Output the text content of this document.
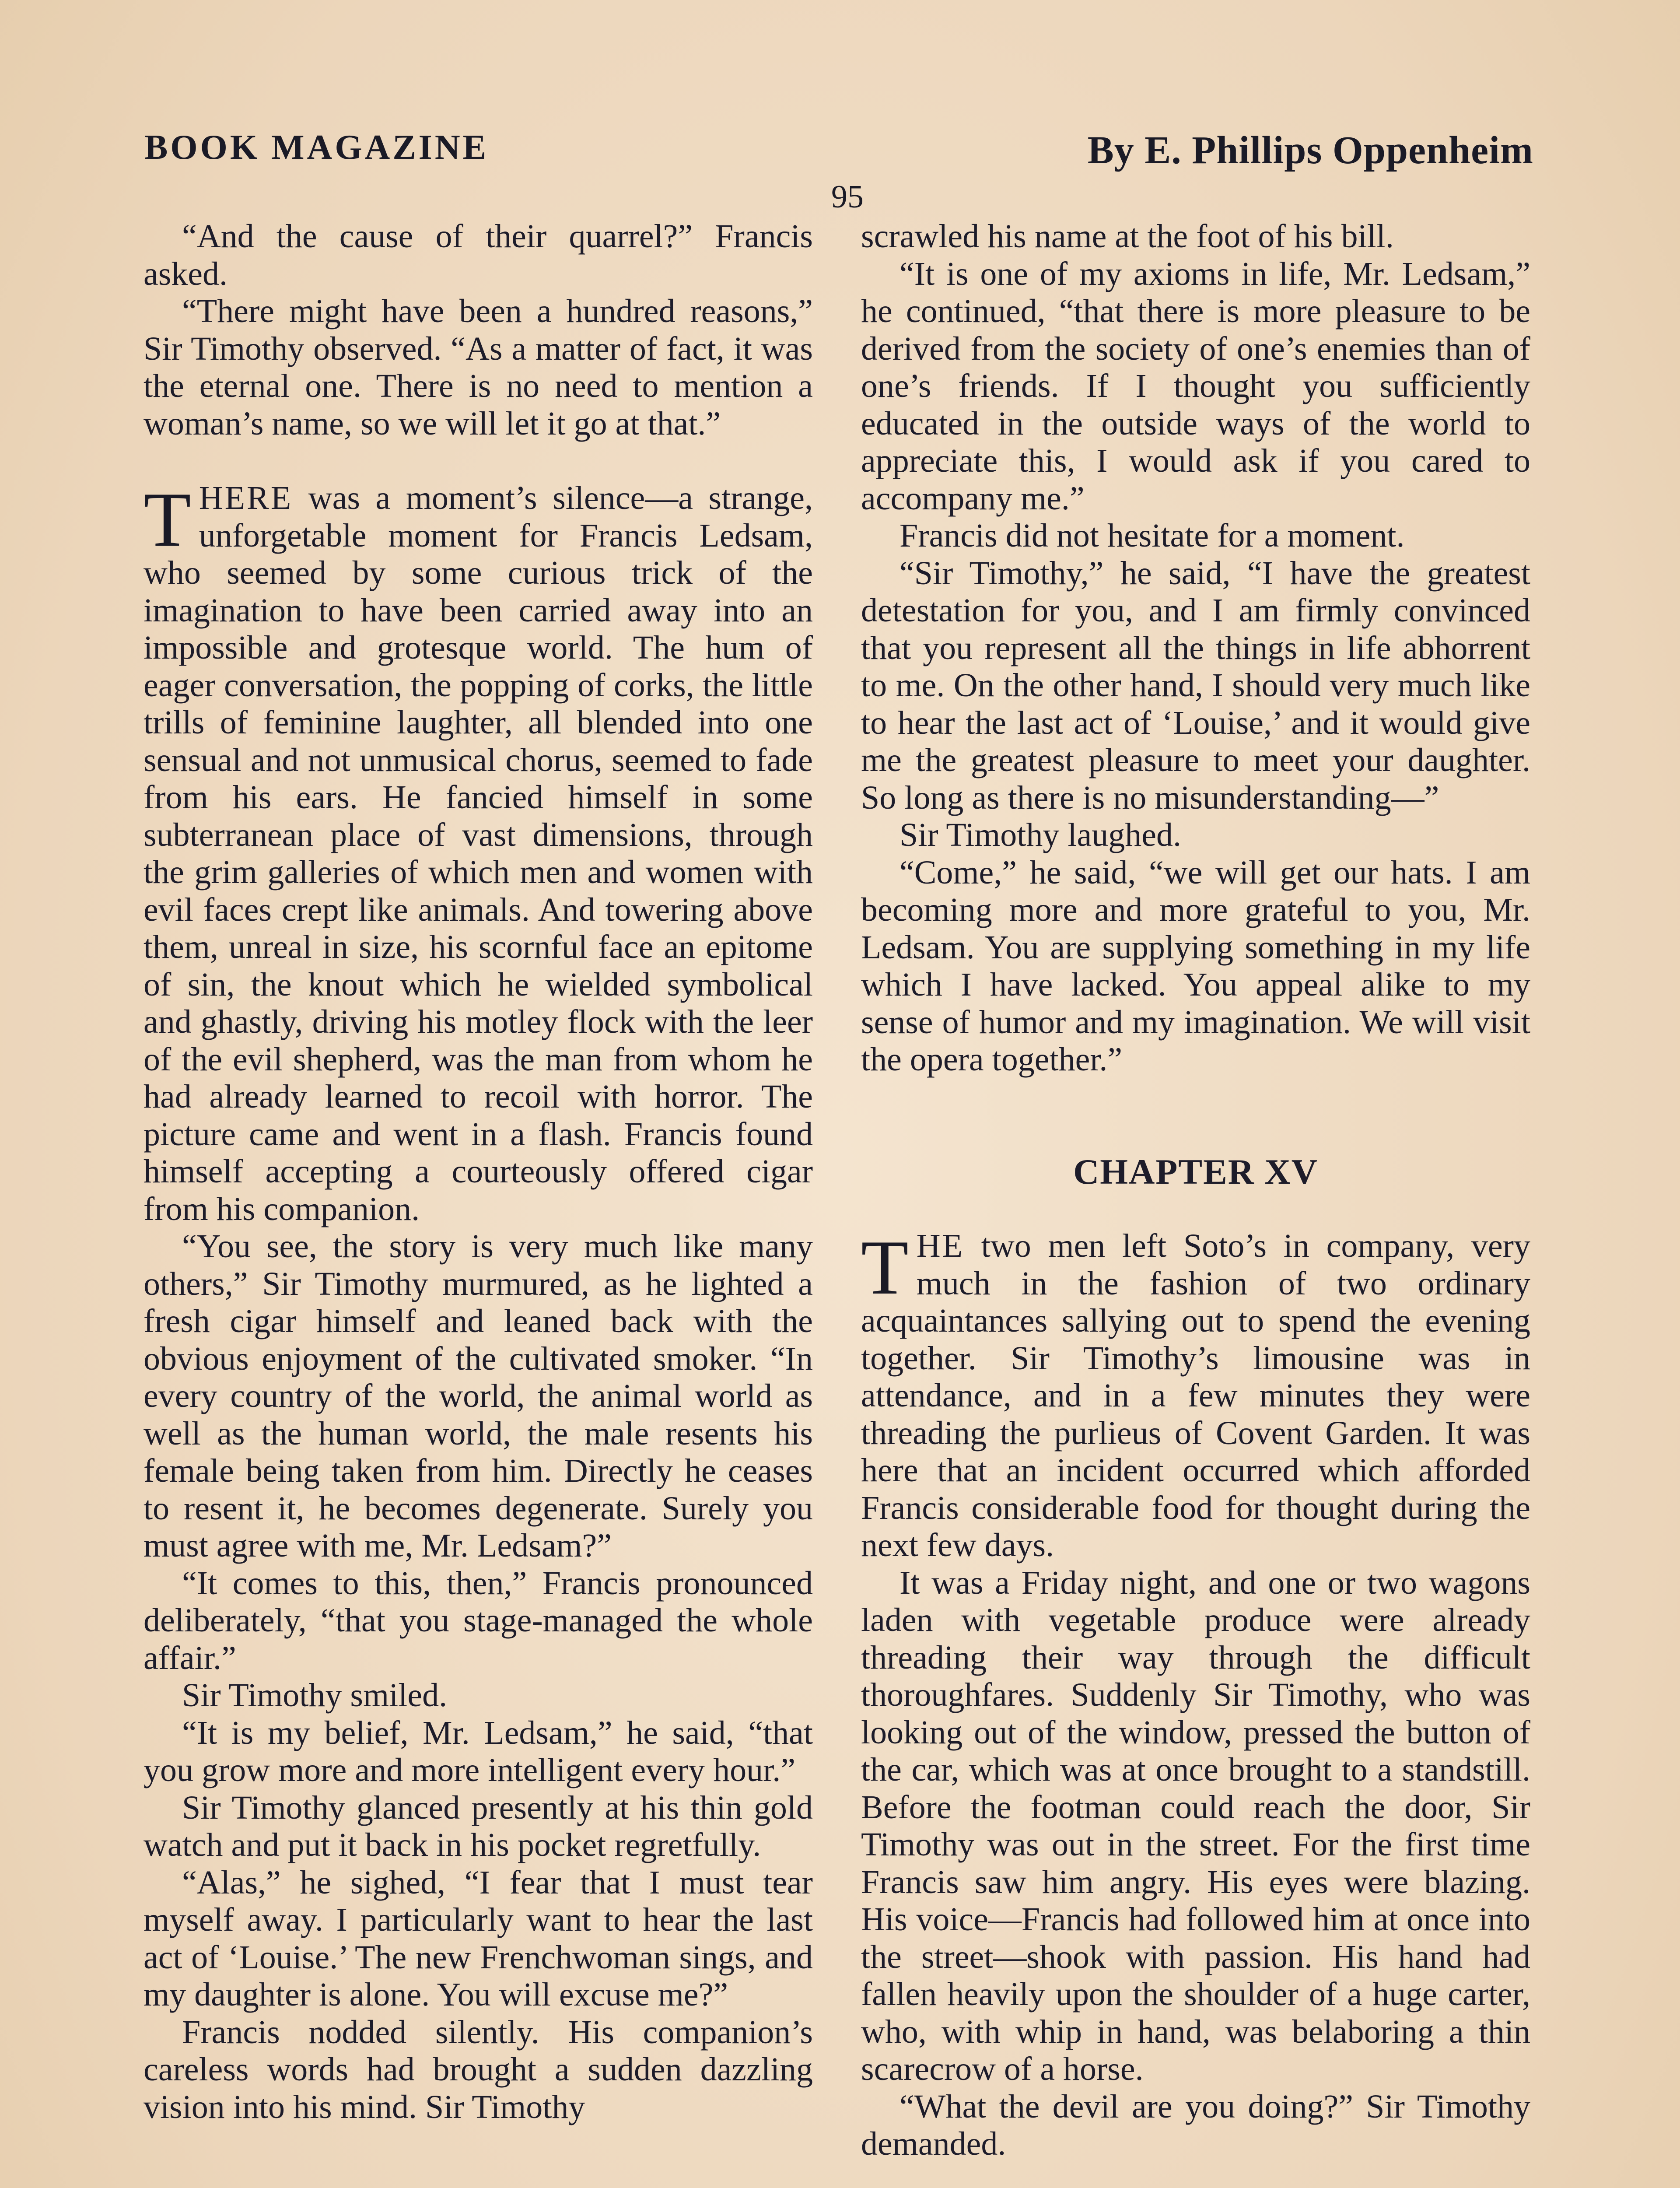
BOOK MAGAZINE	By E. Phillips Oppenheim
95

“And the cause of their quarrel?” Francis asked.

“There might have been a hundred reasons,” Sir Timothy observed. “As a matter of fact, it was the eternal one. There is no need to mention a woman’s name, so we will let it go at that.”

THERE was a moment’s silence—a strange, unforgetable moment for Francis Ledsam, who seemed by some curious trick of the imagination to have been carried away into an impossible and grotesque world. The hum of eager conversation, the popping of corks, the little trills of feminine laughter, all blended into one sensual and not unmusical chorus, seemed to fade from his ears. He fancied himself in some subterranean place of vast dimensions, through the grim galleries of which men and women with evil faces crept like animals. And towering above them, unreal in size, his scornful face an epitome of sin, the knout which he wielded symbolical and ghastly, driving his motley flock with the leer of the evil shepherd, was the man from whom he had already learned to recoil with horror. The picture came and went in a flash. Francis found himself accepting a courteously offered cigar from his companion.

“You see, the story is very much like many others,” Sir Timothy murmured, as he lighted a fresh cigar himself and leaned back with the obvious enjoyment of the cultivated smoker. “In every country of the world, the animal world as well as the human world, the male resents his female being taken from him. Directly he ceases to resent it, he becomes degenerate. Surely you must agree with me, Mr. Ledsam?”

“It comes to this, then,” Francis pronounced deliberately, “that you stage-managed the whole affair.”

Sir Timothy smiled.

“It is my belief, Mr. Ledsam,” he said, “that you grow more and more intelligent every hour.”

Sir Timothy glanced presently at his thin gold watch and put it back in his pocket regretfully.

“Alas,” he sighed, “I fear that I must tear myself away. I particularly want to hear the last act of ‘Louise.’ The new Frenchwoman sings, and my daughter is alone. You will excuse me?”

Francis nodded silently. His companion’s careless words had brought a sudden dazzling vision into his mind. Sir Timothy

scrawled his name at the foot of his bill.

“It is one of my axioms in life, Mr. Ledsam,” he continued, “that there is more pleasure to be derived from the society of one’s enemies than of one’s friends. If I thought you sufficiently educated in the outside ways of the world to appreciate this, I would ask if you cared to accompany me.”

Francis did not hesitate for a moment.

“Sir Timothy,” he said, “I have the greatest detestation for you, and I am firmly convinced that you represent all the things in life abhorrent to me. On the other hand, I should very much like to hear the last act of ‘Louise,’ and it would give me the greatest pleasure to meet your daughter. So long as there is no misunderstanding—”

Sir Timothy laughed.

“Come,” he said, “we will get our hats. I am becoming more and more grateful to you, Mr. Ledsam. You are supplying something in my life which I have lacked. You appeal alike to my sense of humor and my imagination. We will visit the opera together.”

CHAPTER XV

THE two men left Soto’s in company, very much in the fashion of two ordinary acquaintances sallying out to spend the evening together. Sir Timothy’s limousine was in attendance, and in a few minutes they were threading the purlieus of Covent Garden. It was here that an incident occurred which afforded Francis considerable food for thought during the next few days.

It was a Friday night, and one or two wagons laden with vegetable produce were already threading their way through the difficult thoroughfares. Suddenly Sir Timothy, who was looking out of the window, pressed the button of the car, which was at once brought to a standstill. Before the footman could reach the door, Sir Timothy was out in the street. For the first time Francis saw him angry. His eyes were blazing. His voice—Francis had followed him at once into the street—shook with passion. His hand had fallen heavily upon the shoulder of a huge carter, who, with whip in hand, was belaboring a thin scarecrow of a horse.

“What the devil are you doing?” Sir Timothy demanded.
